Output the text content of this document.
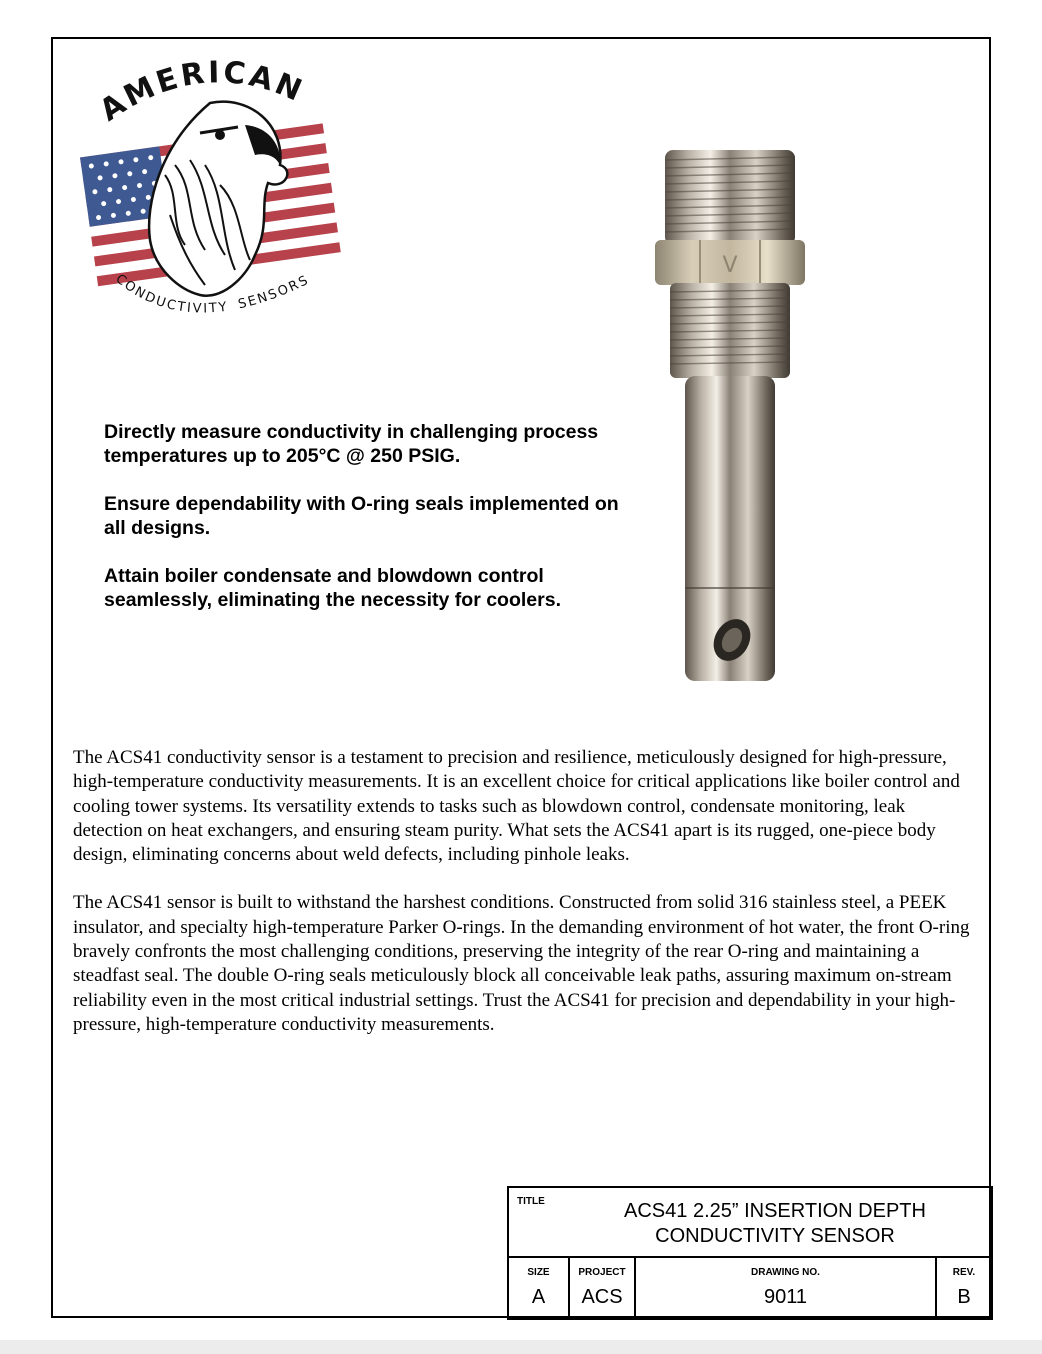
AMERICAN
CONDUCTIVITY SENSORS
V

Directly measure conductivity in challenging process temperatures up to 205°C @ 250 PSIG.

Ensure dependability with O-ring seals implemented on all designs.

Attain boiler condensate and blowdown control seamlessly, eliminating the necessity for coolers.

The ACS41 conductivity sensor is a testament to precision and resilience, meticulously designed for high-pressure, high-temperature conductivity measurements. It is an excellent choice for critical applications like boiler control and cooling tower systems. Its versatility extends to tasks such as blowdown control, condensate monitoring, leak detection on heat exchangers, and ensuring steam purity. What sets the ACS41 apart is its rugged, one-piece body design, eliminating concerns about weld defects, including pinhole leaks.

The ACS41 sensor is built to withstand the harshest conditions. Constructed from solid 316 stainless steel, a PEEK insulator, and specialty high-temperature Parker O-rings. In the demanding environment of hot water, the front O-ring bravely confronts the most challenging conditions, preserving the integrity of the rear O-ring and maintaining a steadfast seal. The double O-ring seals meticulously block all conceivable leak paths, assuring maximum on-stream reliability even in the most critical industrial settings. Trust the ACS41 for precision and dependability in your high-pressure, high-temperature conductivity measurements.

TITLE	ACS41 2.25” INSERTION DEPTH
CONDUCTIVITY SENSOR
SIZE
A
PROJECT
ACS
DRAWING NO.
9011
REV.
B
